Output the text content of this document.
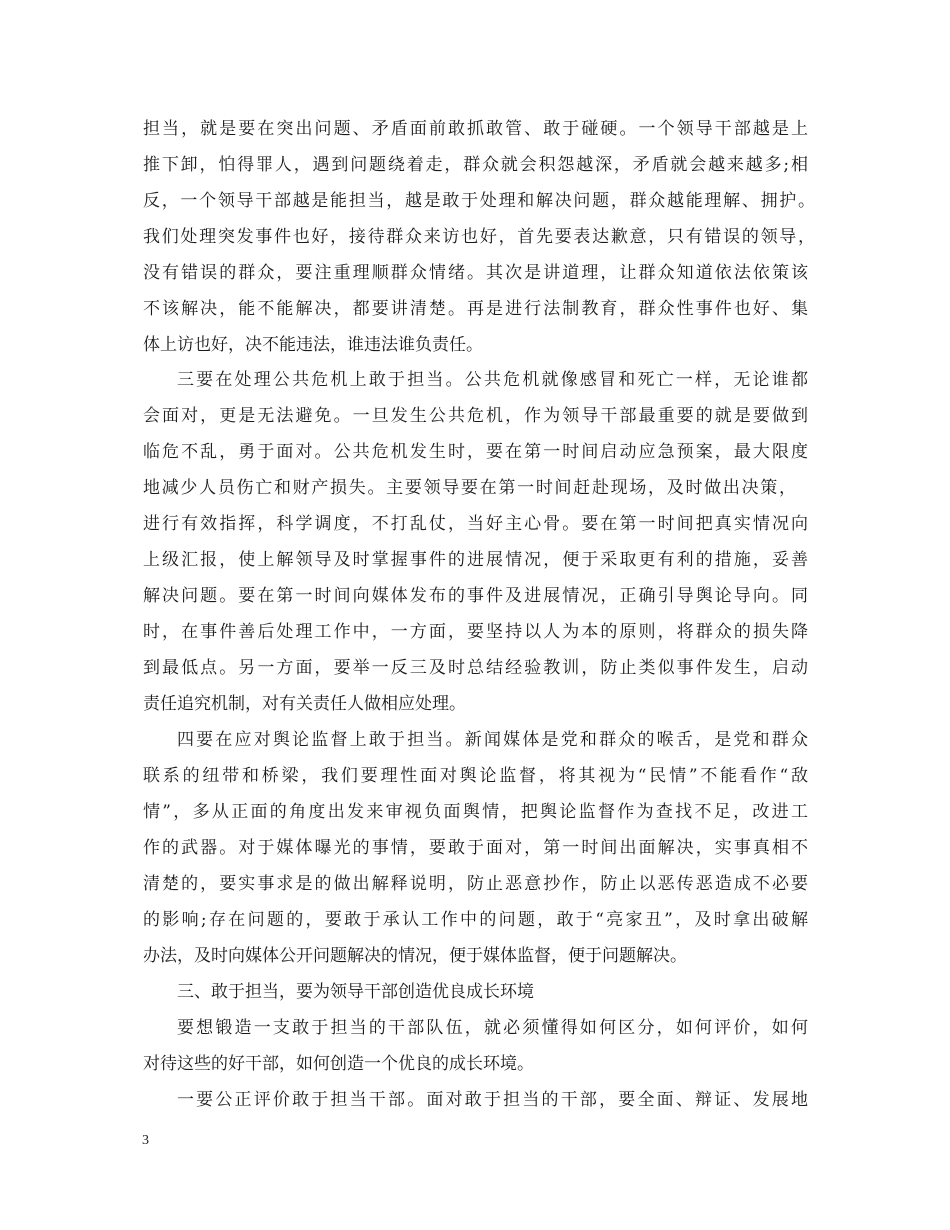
担当，就是要在突出问题、矛盾面前敢抓敢管、敢于碰硬。一个领导干部越是上
推下卸，怕得罪人，遇到问题绕着走，群众就会积怨越深，矛盾就会越来越多;相
反，一个领导干部越是能担当，越是敢于处理和解决问题，群众越能理解、拥护。
我们处理突发事件也好，接待群众来访也好，首先要表达歉意，只有错误的领导，
没有错误的群众，要注重理顺群众情绪。其次是讲道理，让群众知道依法依策该
不该解决，能不能解决，都要讲清楚。再是进行法制教育，群众性事件也好、集
体上访也好，决不能违法，谁违法谁负责任。
三要在处理公共危机上敢于担当。公共危机就像感冒和死亡一样，无论谁都
会面对，更是无法避免。一旦发生公共危机，作为领导干部最重要的就是要做到
临危不乱，勇于面对。公共危机发生时，要在第一时间启动应急预案，最大限度
地减少人员伤亡和财产损失。主要领导要在第一时间赶赴现场，及时做出决策，
进行有效指挥，科学调度，不打乱仗，当好主心骨。要在第一时间把真实情况向
上级汇报，使上解领导及时掌握事件的进展情况，便于采取更有利的措施，妥善
解决问题。要在第一时间向媒体发布的事件及进展情况，正确引导舆论导向。同
时，在事件善后处理工作中，一方面，要坚持以人为本的原则，将群众的损失降
到最低点。另一方面，要举一反三及时总结经验教训，防止类似事件发生，启动
责任追究机制，对有关责任人做相应处理。
四要在应对舆论监督上敢于担当。新闻媒体是党和群众的喉舌，是党和群众
联系的纽带和桥梁，我们要理性面对舆论监督，将其视为“民情”不能看作“敌
情”，多从正面的角度出发来审视负面舆情，把舆论监督作为查找不足，改进工
作的武器。对于媒体曝光的事情，要敢于面对，第一时间出面解决，实事真相不
清楚的，要实事求是的做出解释说明，防止恶意抄作，防止以恶传恶造成不必要
的影响;存在问题的，要敢于承认工作中的问题，敢于“亮家丑”，及时拿出破解
办法，及时向媒体公开问题解决的情况，便于媒体监督，便于问题解决。
三、敢于担当，要为领导干部创造优良成长环境
要想锻造一支敢于担当的干部队伍，就必须懂得如何区分，如何评价，如何
对待这些的好干部，如何创造一个优良的成长环境。
一要公正评价敢于担当干部。面对敢于担当的干部，要全面、辩证、发展地
3
